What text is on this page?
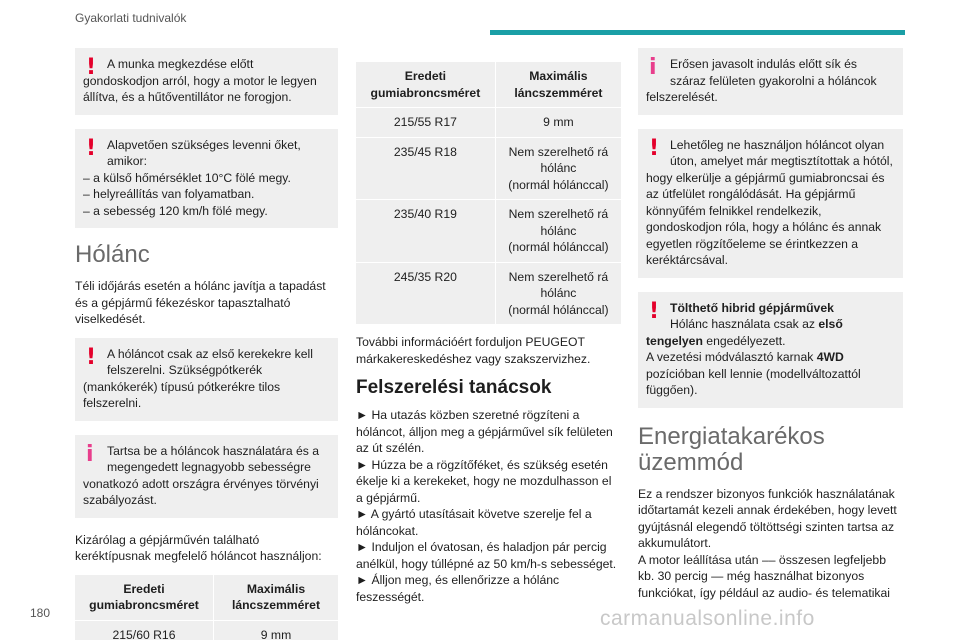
Gyakorlati tudnivalók
! A munka megkezdése előtt

gondoskodjon arról, hogy a motor le legyen állítva, és a hűtőventillátor ne forogjon.

! Alapvetően szükséges levenni őket,
amikor:

– a külső hőmérséklet 10°C fölé megy.

– helyreállítás van folyamatban.

– a sebesség 120 km/h fölé megy.

Hólánc
Téli időjárás esetén a hólánc javítja a tapadást és a gépjármű fékezéskor tapasztalható viselkedését.
! A hóláncot csak az első kerekekre kell
felszerelni. Szükségpótkerék

(mankókerék) típusú pótkerékre tilos felszerelni.

i	Tartsa be a hóláncok használatára és a
megengedett legnagyobb sebességre

vonatkozó adott országra érvényes törvényi szabályozást.

Kizárólag a gépjárművén található keréktípusnak megfelelő hóláncot használjon:
Eredeti gumiabroncsméret	Maximális láncszemméret
215/60 R16	9 mm
Eredeti gumiabroncsméret	Maximális láncszemméret
215/55 R17	9 mm
235/45 R18	Nem szerelhető rá hólánc
(normál hólánccal)
235/40 R19	Nem szerelhető rá hólánc
(normál hólánccal)
245/35 R20	Nem szerelhető rá hólánc
(normál hólánccal)
További információért forduljon PEUGEOT márkakereskedéshez vagy szakszervizhez.
Felszerelési tanácsok

► Ha utazás közben szeretné rögzíteni a hóláncot, álljon meg a gépjárművel sík felületen az út szélén.

► Húzza be a rögzítőféket, és szükség esetén ékelje ki a kerekeket, hogy ne mozdulhasson el a gépjármű.

► A gyártó utasításait követve szerelje fel a hóláncokat.

► Induljon el óvatosan, és haladjon pár percig anélkül, hogy túllépné az 50 km/h-s sebességet.

► Álljon meg, és ellenőrizze a hólánc feszességét.

i	Erősen javasolt indulás előtt sík és
száraz felületen gyakorolni a hóláncok

felszerelését.

! Lehetőleg ne használjon hóláncot olyan
úton, amelyet már megtisztítottak a hótól,

hogy elkerülje a gépjármű gumiabroncsai és az útfelület rongálódását. Ha gépjármű könnyűfém felnikkel rendelkezik, gondoskodjon róla, hogy a hólánc és annak egyetlen rögzítőeleme se érintkezzen a keréktárcsával.

! Tölthető hibrid gépjárművek
Hólánc használata csak az első

tengelyen engedélyezett.

A vezetési módválasztó karnak 4WD

pozícióban kell lennie (modellváltozattól függően).

Energiatakarékos üzemmód
Ez a rendszer bizonyos funkciók használatának időtartamát kezeli annak érdekében, hogy levett gyújtásnál elegendő töltöttségi szinten tartsa az akkumulátort.
A motor leállítása után –– összesen legfeljebb kb. 30 percig — még használhat bizonyos funkciókat, így például az audio- és telematikai
180	carmanualsonline.info
